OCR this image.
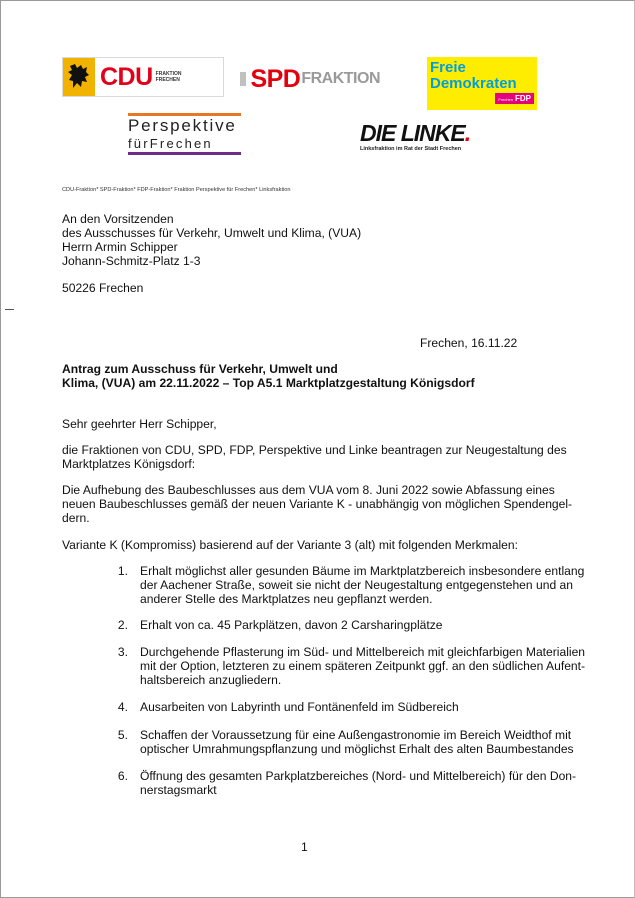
CDU FRAKTION
FRECHEN	SPD FRAKTION
Freie
Demokraten
Frechen FDP
Perspektive
fürFrechen	DIE LINKE.
Linksfraktion im Rat der Stadt Frechen
CDU-Fraktion* SPD-Fraktion* FDP-Fraktion* Fraktion Perspektive für Frechen* Linksfraktion
An den Vorsitzenden
des Ausschusses für Verkehr, Umwelt und Klima, (VUA)
Herrn Armin Schipper
Johann-Schmitz-Platz 1-3
50226 Frechen
Frechen, 16.11.22
Antrag zum Ausschuss für Verkehr, Umwelt und
Klima, (VUA) am 22.11.2022 – Top A5.1 Marktplatzgestaltung Königsdorf
Sehr geehrter Herr Schipper,
die Fraktionen von CDU, SPD, FDP, Perspektive und Linke beantragen zur Neugestaltung des
Marktplatzes Königsdorf:
Die Aufhebung des Baubeschlusses aus dem VUA vom 8. Juni 2022 sowie Abfassung eines
neuen Baubeschlusses gemäß der neuen Variante K - unabhängig von möglichen Spendengel-
dern.
Variante K (Kompromiss) basierend auf der Variante 3 (alt) mit folgenden Merkmalen:
1. Erhalt möglichst aller gesunden Bäume im Marktplatzbereich insbesondere entlang
der Aachener Straße, soweit sie nicht der Neugestaltung entgegenstehen und an
anderer Stelle des Marktplatzes neu gepflanzt werden.
2. Erhalt von ca. 45 Parkplätzen, davon 2 Carsharingplätze
3. Durchgehende Pflasterung im Süd- und Mittelbereich mit gleichfarbigen Materialien
mit der Option, letzteren zu einem späteren Zeitpunkt ggf. an den südlichen Aufent-
haltsbereich anzugliedern.
4. Ausarbeiten von Labyrinth und Fontänenfeld im Südbereich
5. Schaffen der Voraussetzung für eine Außengastronomie im Bereich Weidthof mit
optischer Umrahmungspflanzung und möglichst Erhalt des alten Baumbestandes
6. Öffnung des gesamten Parkplatzbereiches (Nord- und Mittelbereich) für den Don-
nerstagsmarkt
1
